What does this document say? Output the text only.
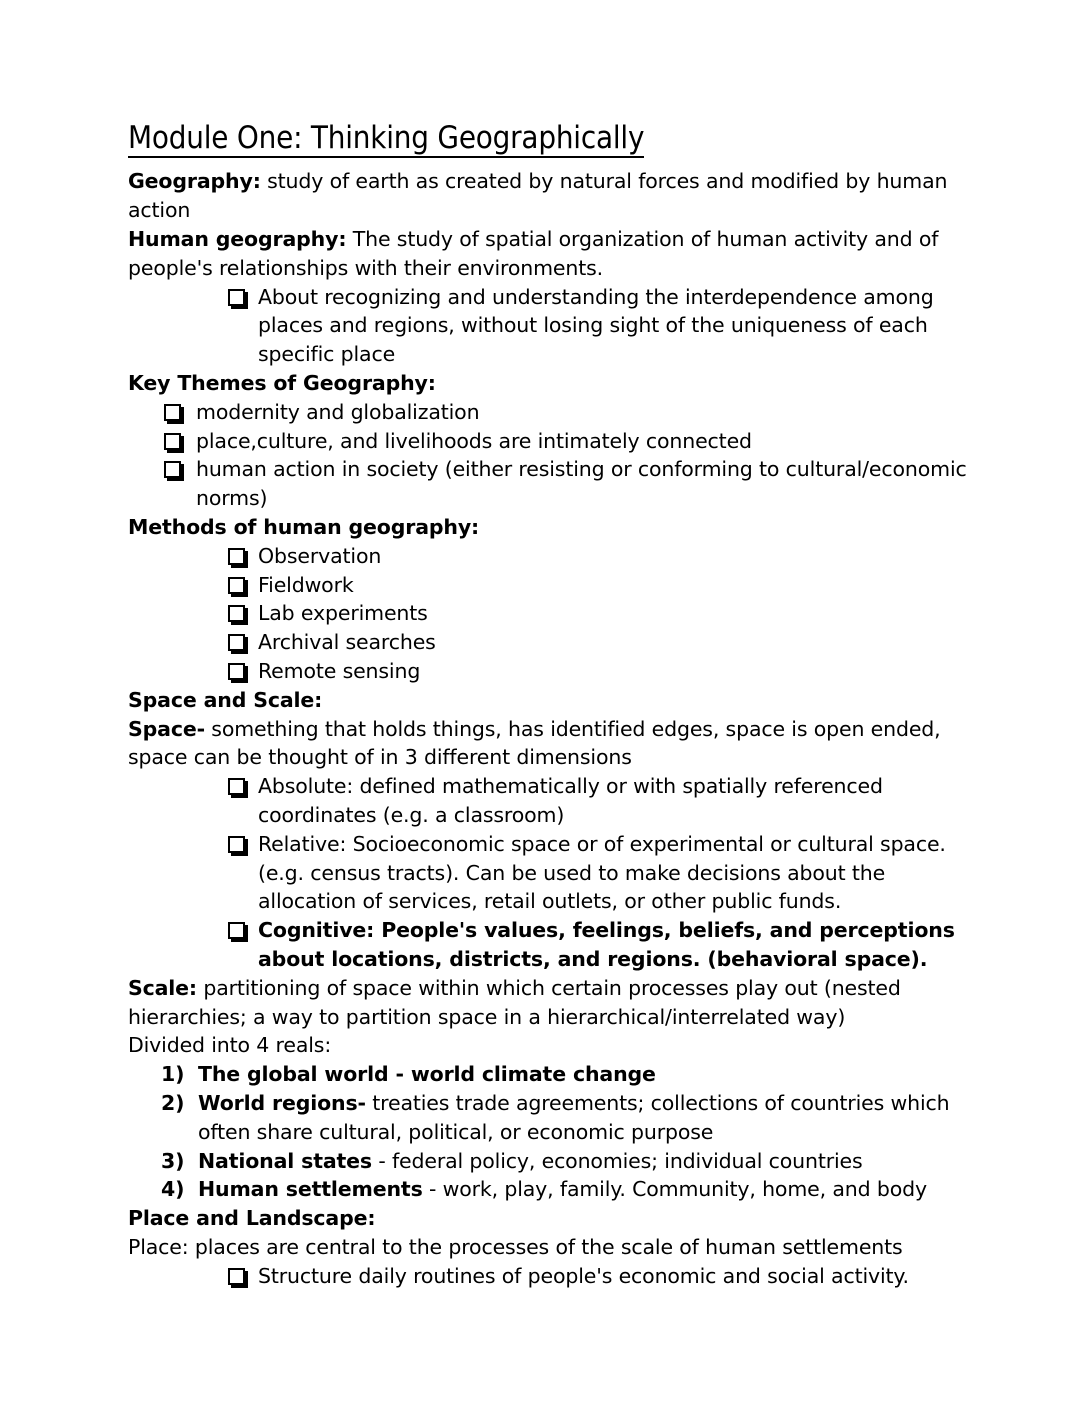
Module One: Thinking Geographically

Geography: study of earth as created by natural forces and modified by human action

Human geography: The study of spatial organization of human activity and of people's relationships with their environments.

About recognizing and understanding the interdependence among places and regions, without losing sight of the uniqueness of each specific place

Key Themes of Geography:

modernity and globalization
place,culture, and livelihoods are intimately connected
human action in society (either resisting or conforming to cultural/economic norms)

Methods of human geography:

Observation
Fieldwork
Lab experiments
Archival searches
Remote sensing

Space and Scale:

Space- something that holds things, has identified edges, space is open ended, space can be thought of in 3 different dimensions

Absolute: defined mathematically or with spatially referenced coordinates (e.g. a classroom)
Relative: Socioeconomic space or of experimental or cultural space. (e.g. census tracts). Can be used to make decisions about the allocation of services, retail outlets, or other public funds.
Cognitive: People's values, feelings, beliefs, and perceptions about locations, districts, and regions. (behavioral space).

Scale: partitioning of space within which certain processes play out (nested hierarchies; a way to partition space in a hierarchical/interrelated way)

Divided into 4 reals:

1) The global world - world climate change
2) World regions- treaties trade agreements; collections of countries which often share cultural, political, or economic purpose
3) National states - federal policy, economies; individual countries
4) Human settlements - work, play, family. Community, home, and body

Place and Landscape:

Place: places are central to the processes of the scale of human settlements

Structure daily routines of people's economic and social activity.
